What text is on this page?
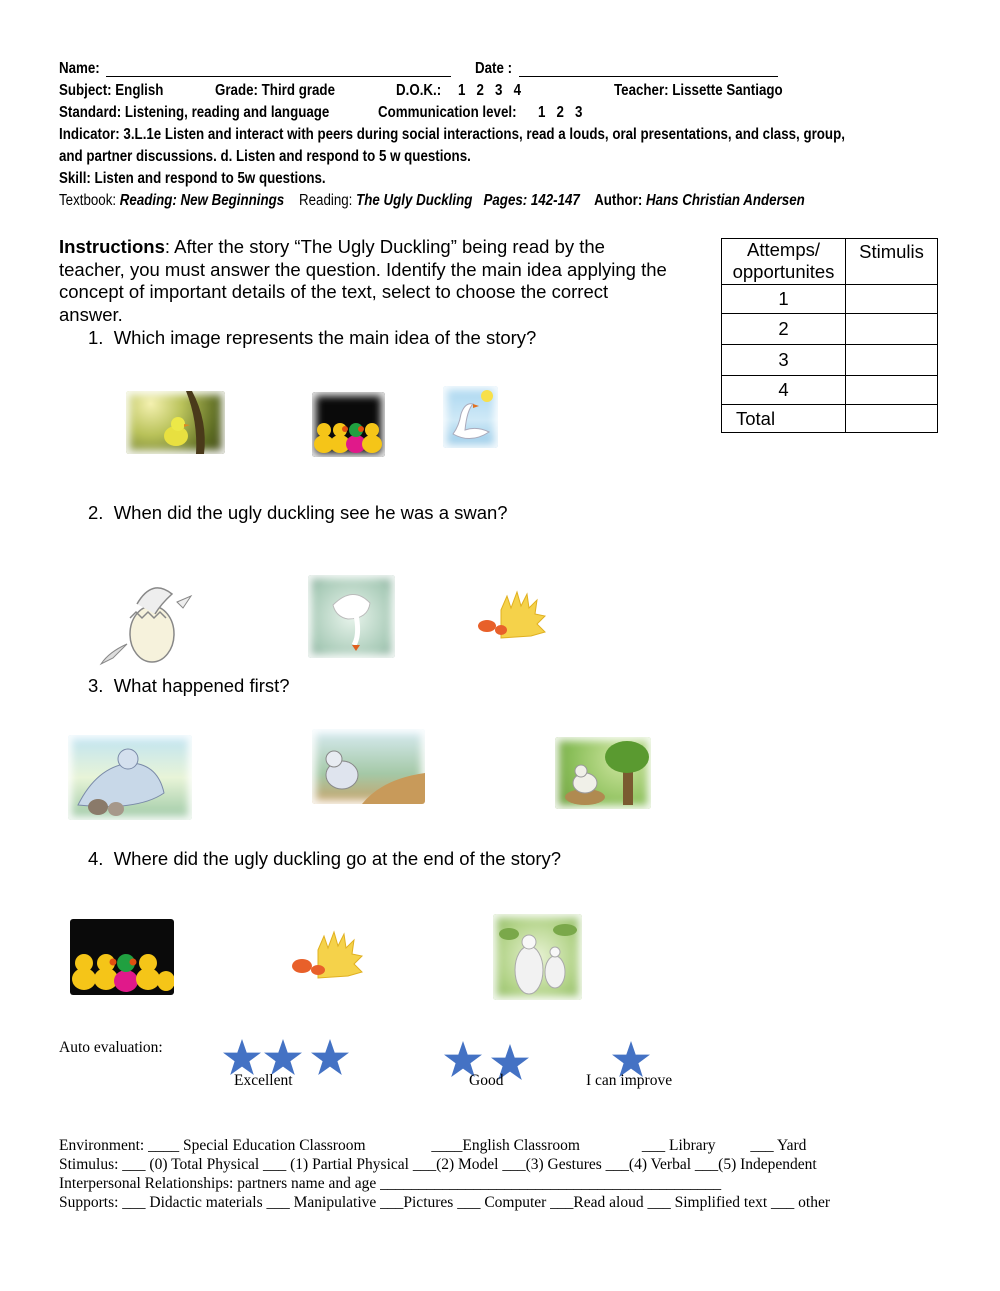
Name:	Date :
Subject: English	Grade: Third grade	D.O.K.: 1   2   3   4	Teacher: Lissette Santiago
Standard: Listening, reading and language	Communication level: 1   2   3
Indicator: 3.L.1e Listen and interact with peers during social interactions, read a louds, oral presentations, and class, group,
and partner discussions. d. Listen and respond to 5 w questions.
Skill: Listen and respond to 5w questions.
Textbook: Reading: New Beginnings Reading: The Ugly Duckling Pages: 142-147 Author: Hans Christian Andersen
Instructions: After the story “The Ugly Duckling” being read by the
teacher, you must answer the question. Identify the main idea applying the
concept of important details of the text, select to choose the correct
answer.
Attemps/
opportunites	Stimulis
1	
2	
3	
4	
Total	
1. Which image represents the main idea of the story?
2. When did the ugly duckling see he was a swan?
3. What happened first?
4. Where did the ugly duckling go at the end of the story?
Auto evaluation:
Excellent	Good	I can improve
Environment: ____ Special Education Classroom                 ____English Classroom                ___ Library         ___ Yard
Stimulus: ___ (0) Total Physical ___ (1) Partial Physical ___(2) Model ___(3) Gestures ___(4) Verbal ___(5) Independent
Interpersonal Relationships: partners name and age ____________________________________________
Supports: ___ Didactic materials ___ Manipulative ___Pictures ___ Computer ___Read aloud ___ Simplified text ___ other
